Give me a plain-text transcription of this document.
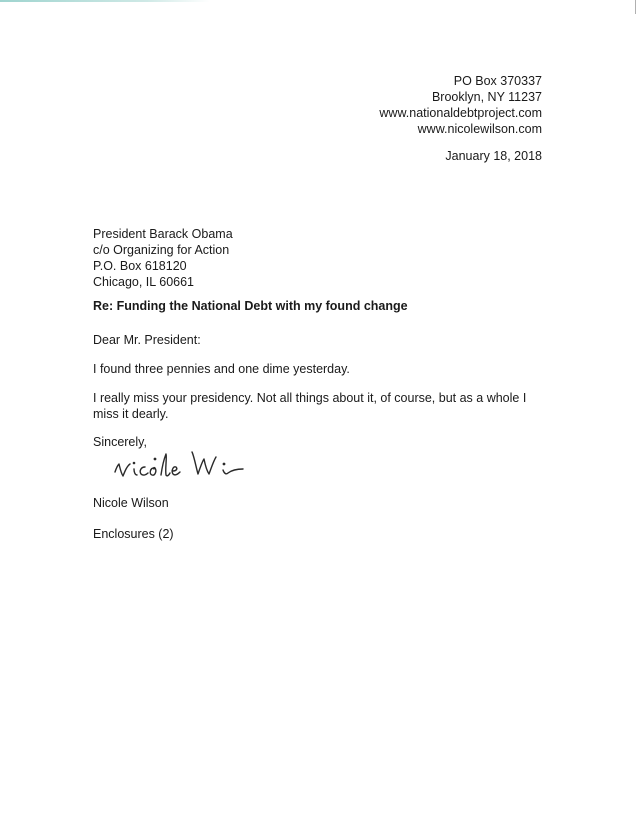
PO Box 370337
Brooklyn, NY 11237
www.nationaldebtproject.com
www.nicolewilson.com
January 18, 2018
President Barack Obama
c/o Organizing for Action
P.O. Box 618120
Chicago, IL 60661
Re: Funding the National Debt with my found change
Dear Mr. President:
I found three pennies and one dime yesterday.
I really miss your presidency. Not all things about it, of course, but as a whole I miss it dearly.
Sincerely,
Nicole Wilson
Enclosures (2)
